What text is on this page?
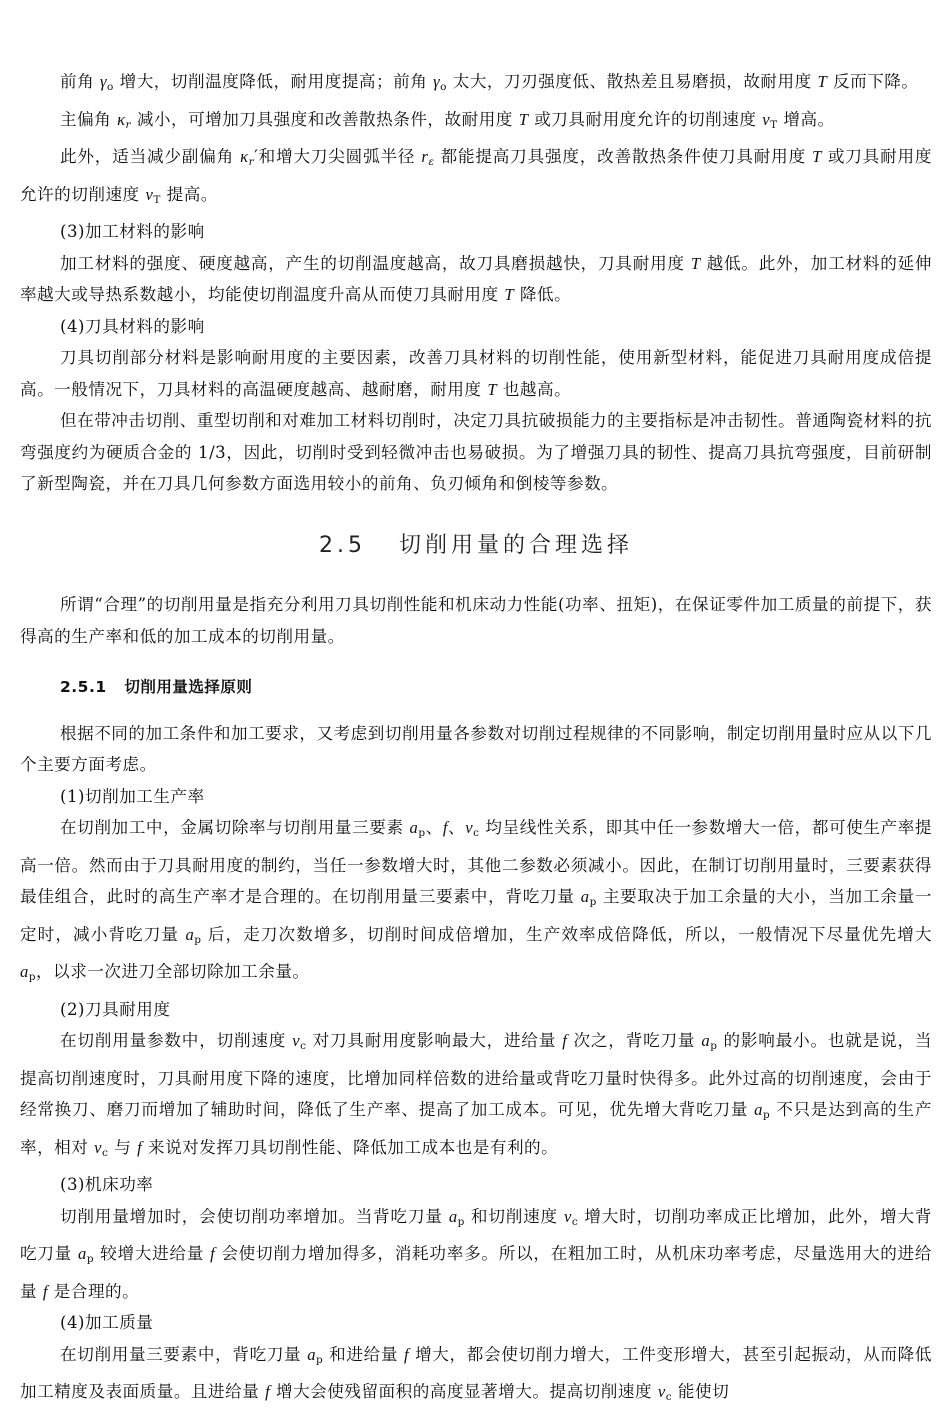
前角 γo 增大，切削温度降低，耐用度提高；前角 γo 太大，刀刃强度低、散热差且易磨损，故耐用度 T 反而下降。

主偏角 κr 减小，可增加刀具强度和改善散热条件，故耐用度 T 或刀具耐用度允许的切削速度 vT 增高。

此外，适当减少副偏角 κr′和增大刀尖圆弧半径 rε 都能提高刀具强度，改善散热条件使刀具耐用度 T 或刀具耐用度允许的切削速度 vT 提高。

(3)加工材料的影响

加工材料的强度、硬度越高，产生的切削温度越高，故刀具磨损越快，刀具耐用度 T 越低。此外，加工材料的延伸率越大或导热系数越小，均能使切削温度升高从而使刀具耐用度 T 降低。

(4)刀具材料的影响

刀具切削部分材料是影响耐用度的主要因素，改善刀具材料的切削性能，使用新型材料，能促进刀具耐用度成倍提高。一般情况下，刀具材料的高温硬度越高、越耐磨，耐用度 T 也越高。

但在带冲击切削、重型切削和对难加工材料切削时，决定刀具抗破损能力的主要指标是冲击韧性。普通陶瓷材料的抗弯强度约为硬质合金的 1/3，因此，切削时受到轻微冲击也易破损。为了增强刀具的韧性、提高刀具抗弯强度，目前研制了新型陶瓷，并在刀具几何参数方面选用较小的前角、负刃倾角和倒棱等参数。

2.5 切削用量的合理选择

所谓“合理”的切削用量是指充分利用刀具切削性能和机床动力性能(功率、扭矩)，在保证零件加工质量的前提下，获得高的生产率和低的加工成本的切削用量。

2.5.1 切削用量选择原则

根据不同的加工条件和加工要求，又考虑到切削用量各参数对切削过程规律的不同影响，制定切削用量时应从以下几个主要方面考虑。

(1)切削加工生产率

在切削加工中，金属切除率与切削用量三要素 ap、f、vc 均呈线性关系，即其中任一参数增大一倍，都可使生产率提高一倍。然而由于刀具耐用度的制约，当任一参数增大时，其他二参数必须减小。因此，在制订切削用量时，三要素获得最佳组合，此时的高生产率才是合理的。在切削用量三要素中，背吃刀量 ap 主要取决于加工余量的大小，当加工余量一定时，减小背吃刀量 ap 后，走刀次数增多，切削时间成倍增加，生产效率成倍降低，所以，一般情况下尽量优先增大 ap，以求一次进刀全部切除加工余量。

(2)刀具耐用度

在切削用量参数中，切削速度 vc 对刀具耐用度影响最大，进给量 f 次之，背吃刀量 ap 的影响最小。也就是说，当提高切削速度时，刀具耐用度下降的速度，比增加同样倍数的进给量或背吃刀量时快得多。此外过高的切削速度，会由于经常换刀、磨刀而增加了辅助时间，降低了生产率、提高了加工成本。可见，优先增大背吃刀量 ap 不只是达到高的生产率，相对 vc 与 f 来说对发挥刀具切削性能、降低加工成本也是有利的。

(3)机床功率

切削用量增加时，会使切削功率增加。当背吃刀量 ap 和切削速度 vc 增大时，切削功率成正比增加，此外，增大背吃刀量 ap 较增大进给量 f 会使切削力增加得多，消耗功率多。所以，在粗加工时，从机床功率考虑，尽量选用大的进给量 f 是合理的。

(4)加工质量

在切削用量三要素中，背吃刀量 ap 和进给量 f 增大，都会使切削力增大，工件变形增大，甚至引起振动，从而降低加工精度及表面质量。且进给量 f 增大会使残留面积的高度显著增大。提高切削速度 vc 能使切
